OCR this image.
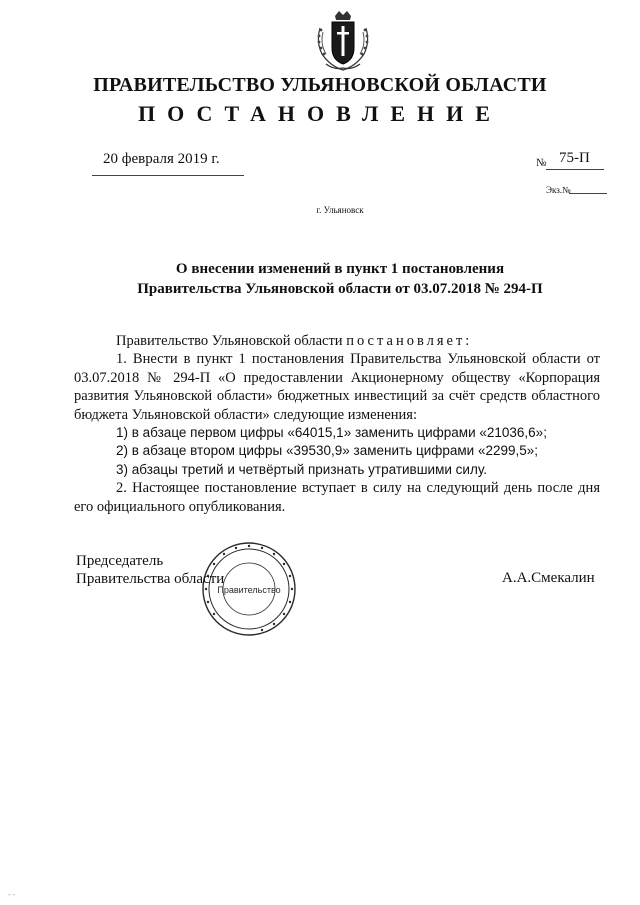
ПРАВИТЕЛЬСТВО УЛЬЯНОВСКОЙ ОБЛАСТИ
ПОСТАНОВЛЕНИЕ
20 февраля 2019 г.	№ 75-П
Экз.№
г. Ульяновск
О внесении изменений в пункт 1 постановления
Правительства Ульяновской области от 03.07.2018 № 294-П

Правительство Ульяновской области постановляет:

1. Внести в пункт 1 постановления Правительства Ульяновской области от 03.07.2018 № 294-П «О предоставлении Акционерному обществу «Корпорация развития Ульяновской области» бюджетных инвестиций за счёт средств областного бюджета Ульяновской области» следующие изменения:

1) в абзаце первом цифры «64015,1» заменить цифрами «21036,6»;

2) в абзаце втором цифры «39530,9» заменить цифрами «2299,5»;

3) абзацы третий и четвёртый признать утратившими силу.

2. Настоящее постановление вступает в силу на следующий день после дня его официального опубликования.

Правительство
Председатель
Правительства области	А.А.Смекалин
- -
